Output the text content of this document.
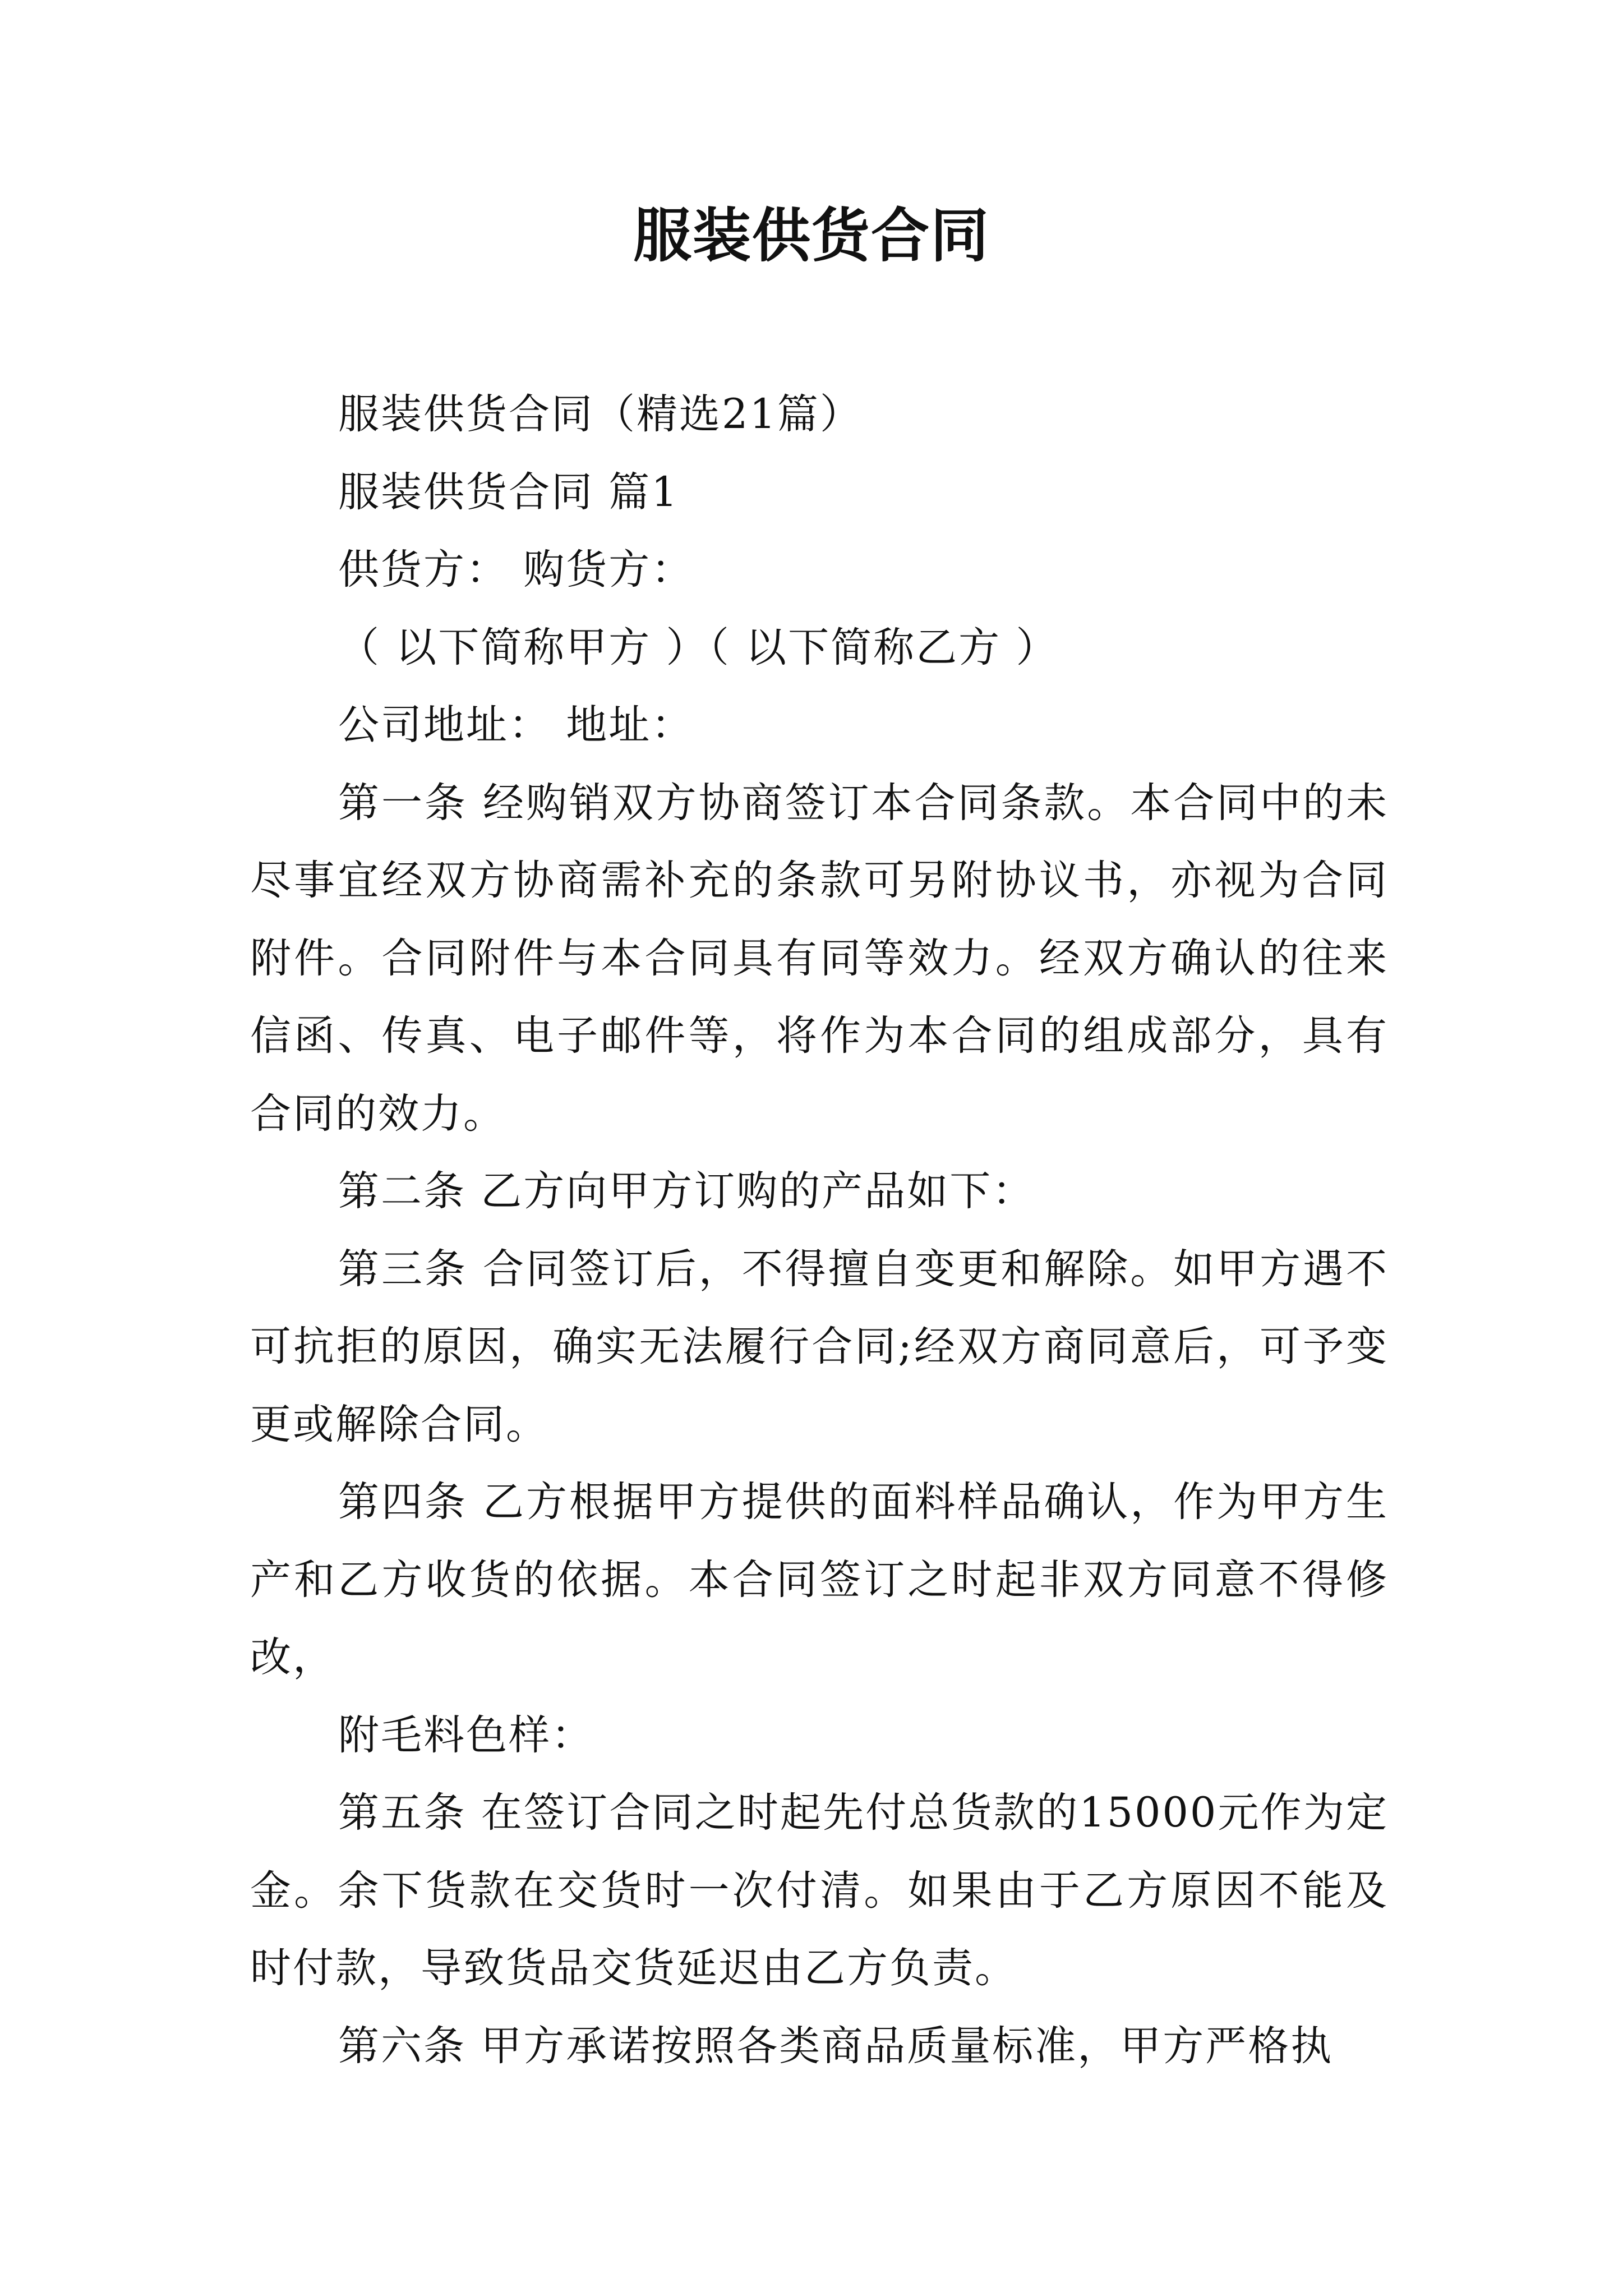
服装供货合同
服装供货合同（精选21篇）
服装供货合同 篇1
供货方： 购货方：
（ 以下简称甲方 ）（ 以下简称乙方 ）
公司地址： 地址：
第一条 经购销双方协商签订本合同条款。本合同中的未尽事宜经双方协商需补充的条款可另附协议书，亦视为合同附件。合同附件与本合同具有同等效力。经双方确认的往来信函、传真、电子邮件等，将作为本合同的组成部分，具有合同的效力。
第二条 乙方向甲方订购的产品如下：
第三条 合同签订后，不得擅自变更和解除。如甲方遇不可抗拒的原因，确实无法履行合同;经双方商同意后，可予变更或解除合同。
第四条 乙方根据甲方提供的面料样品确认，作为甲方生产和乙方收货的依据。本合同签订之时起非双方同意不得修改，
附毛料色样：
第五条 在签订合同之时起先付总货款的15000元作为定金。余下货款在交货时一次付清。如果由于乙方原因不能及时付款，导致货品交货延迟由乙方负责。
第六条 甲方承诺按照各类商品质量标准，甲方严格执
